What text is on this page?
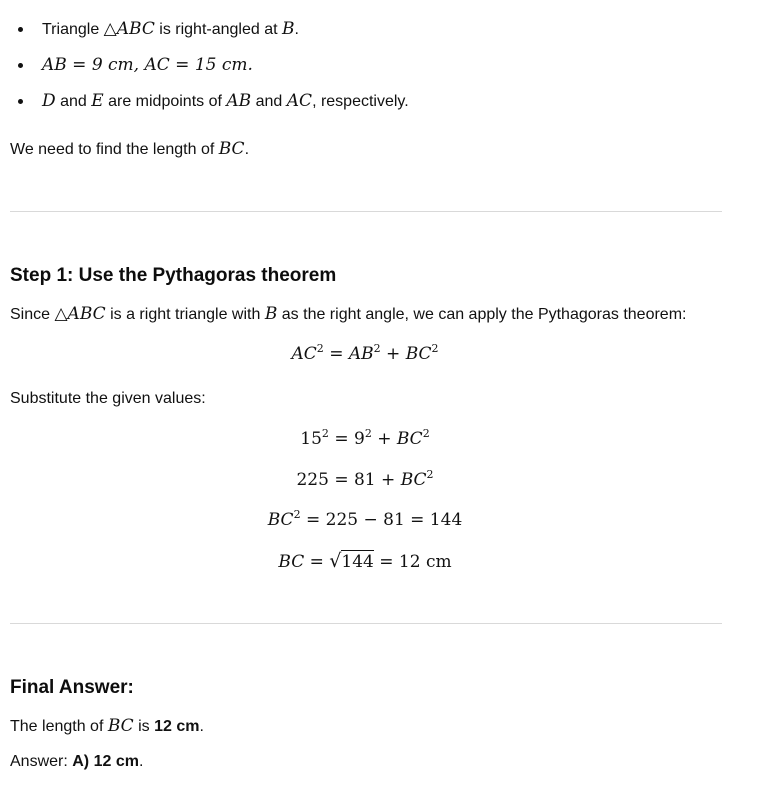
Triangle △ABC is right-angled at B.
AB = 9 cm, AC = 15 cm.
D and E are midpoints of AB and AC, respectively.
We need to find the length of BC.
Step 1: Use the Pythagoras theorem
Since △ABC is a right triangle with B as the right angle, we can apply the Pythagoras theorem:
$AC^2 = AB^2 + BC^2$
Substitute the given values:
$15^2 = 9^2 + BC^2$
$225 = 81 + BC^2$
$BC^2 = 225 - 81 = 144$
BC = √144 = 12 cm
Final Answer:
The length of BC is 12 cm.
Answer: A) 12 cm.
